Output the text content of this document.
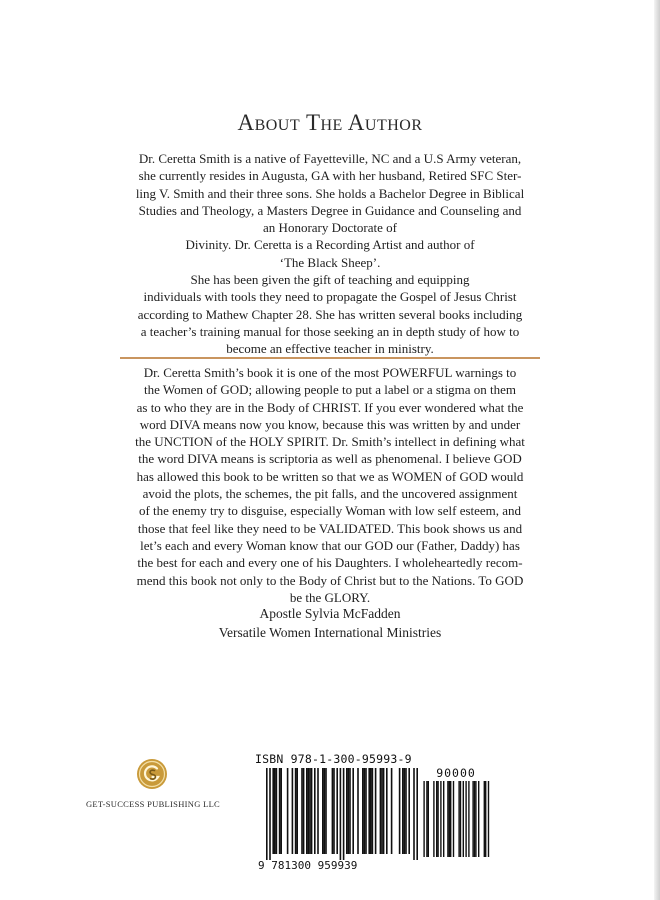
About The Author
Dr. Ceretta Smith is a native of Fayetteville, NC and a U.S Army veteran,
she currently resides in Augusta, GA with her husband, Retired SFC Ster-
ling V. Smith and their three sons. She holds a Bachelor Degree in Biblical
Studies and Theology, a Masters Degree in Guidance and Counseling and
an Honorary Doctorate of
Divinity. Dr. Ceretta is a Recording Artist and author of
‘The Black Sheep’.
She has been given the gift of teaching and equipping
individuals with tools they need to propagate the Gospel of Jesus Christ
according to Mathew Chapter 28. She has written several books including
a teacher’s training manual for those seeking an in depth study of how to
become an effective teacher in ministry.
Dr. Ceretta Smith’s book it is one of the most POWERFUL warnings to
the Women of GOD; allowing people to put a label or a stigma on them
as to who they are in the Body of CHRIST. If you ever wondered what the
word DIVA means now you know, because this was written by and under
the UNCTION of the HOLY SPIRIT. Dr. Smith’s intellect in defining what
the word DIVA means is scriptoria as well as phenomenal. I believe GOD
has allowed this book to be written so that we as WOMEN of GOD would
avoid the plots, the schemes, the pit falls, and the uncovered assignment
of the enemy try to disguise, especially Woman with low self esteem, and
those that feel like they need to be VALIDATED. This book shows us and
let’s each and every Woman know that our GOD our (Father, Daddy) has
the best for each and every one of his Daughters. I wholeheartedly recom-
mend this book not only to the Body of Christ but to the Nations. To GOD
be the GLORY.
Apostle Sylvia McFadden
Versatile Women International Ministries
GET-SUCCESS PUBLISHING LLC
ISBN 978-1-300-95993-9
90000
9 781300 959939
